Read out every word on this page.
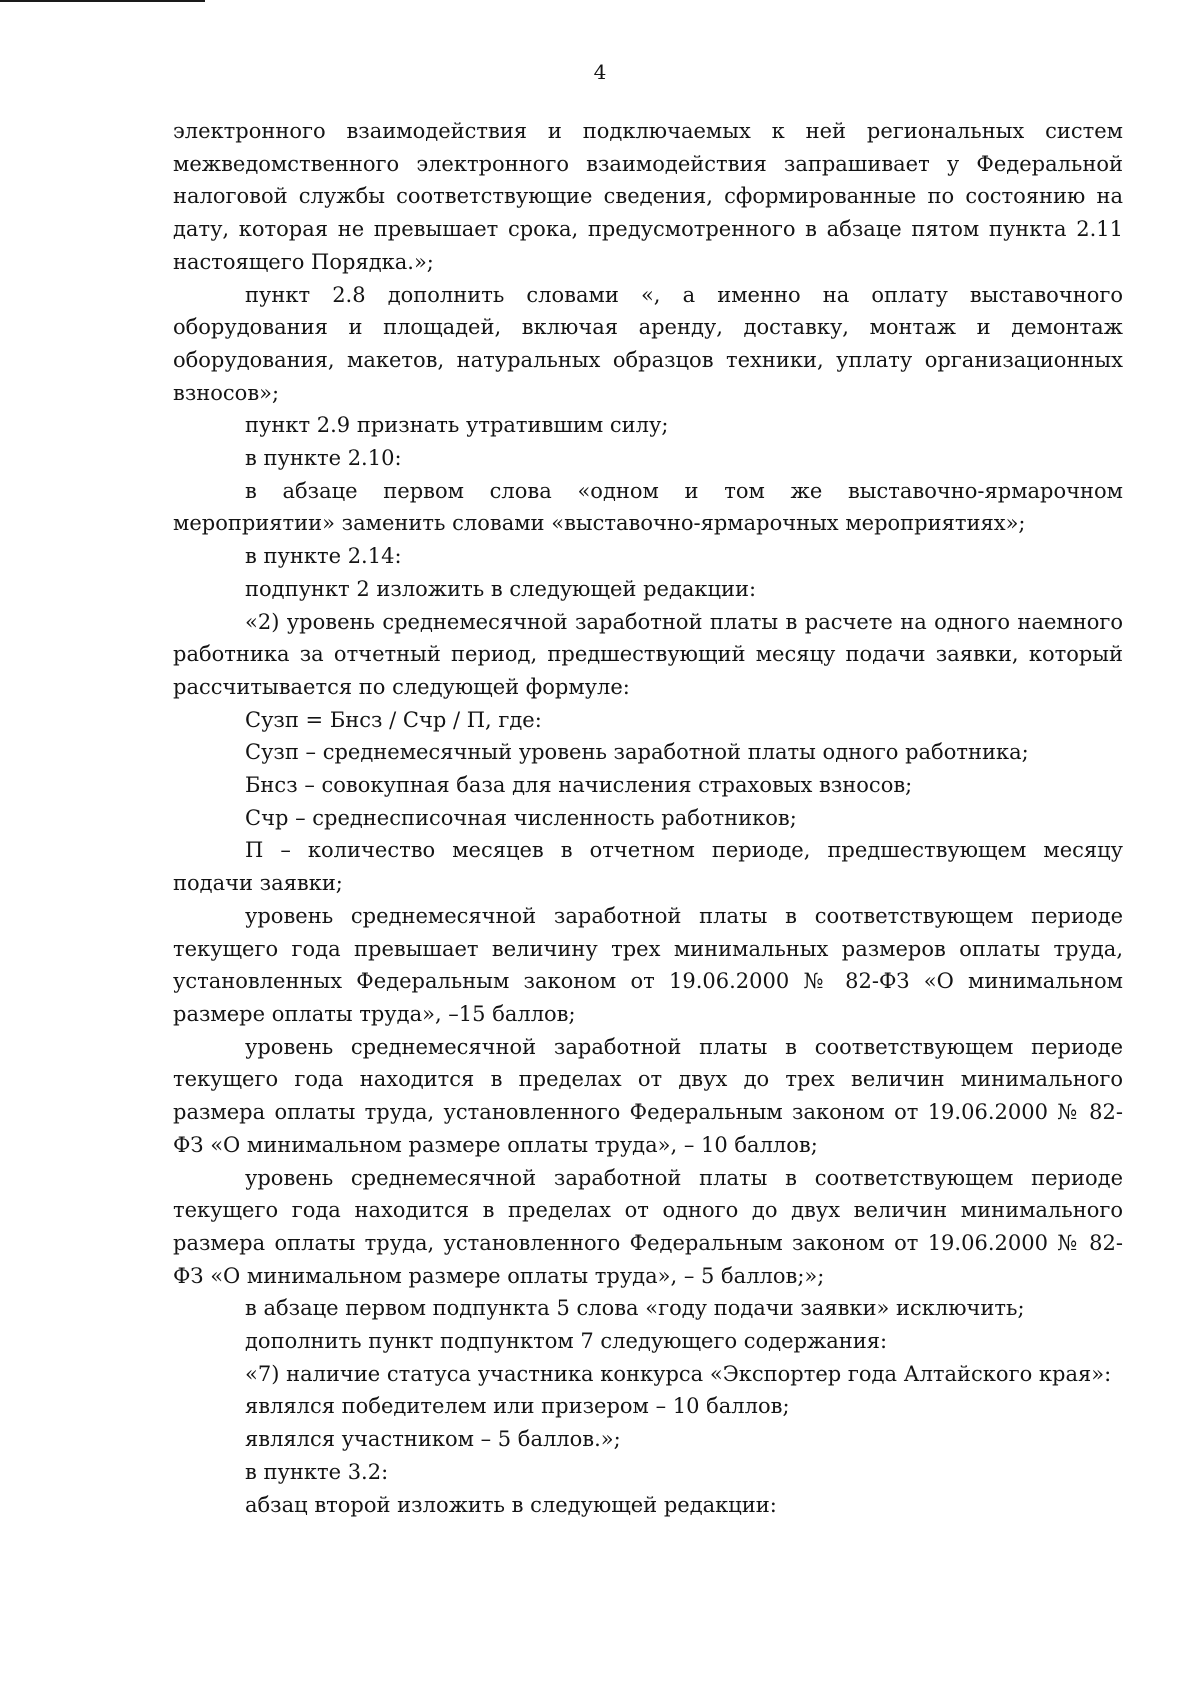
4

электронного взаимодействия и подключаемых к ней региональных систем межведомственного электронного взаимодействия запрашивает у Федеральной налоговой службы соответствующие сведения, сформированные по состоянию на дату, которая не превышает срока, предусмотренного в абзаце пятом пункта 2.11 настоящего Порядка.»;

пункт 2.8 дополнить словами «, а именно на оплату выставочного оборудования и площадей, включая аренду, доставку, монтаж и демонтаж оборудования, макетов, натуральных образцов техники, уплату организационных взносов»;

пункт 2.9 признать утратившим силу;

в пункте 2.10:

в абзаце первом слова «одном и том же выставочно-ярмарочном мероприятии» заменить словами «выставочно-ярмарочных мероприятиях»;

в пункте 2.14:

подпункт 2 изложить в следующей редакции:

«2) уровень среднемесячной заработной платы в расчете на одного наемного работника за отчетный период, предшествующий месяцу подачи заявки, который рассчитывается по следующей формуле:

Сузп = Бнсз / Счр / П, где:

Сузп – среднемесячный уровень заработной платы одного работника;

Бнсз – совокупная база для начисления страховых взносов;

Счр – среднесписочная численность работников;

П – количество месяцев в отчетном периоде, предшествующем месяцу подачи заявки;

уровень среднемесячной заработной платы в соответствующем периоде текущего года превышает величину трех минимальных размеров оплаты труда, установленных Федеральным законом от 19.06.2000 № 82-ФЗ «О минимальном размере оплаты труда», –15 баллов;

уровень среднемесячной заработной платы в соответствующем периоде текущего года находится в пределах от двух до трех величин минимального размера оплаты труда, установленного Федеральным законом от 19.06.2000 № 82-ФЗ «О минимальном размере оплаты труда», – 10 баллов;

уровень среднемесячной заработной платы в соответствующем периоде текущего года находится в пределах от одного до двух величин минимального размера оплаты труда, установленного Федеральным законом от 19.06.2000 № 82-ФЗ «О минимальном размере оплаты труда», – 5 баллов;»;

в абзаце первом подпункта 5 слова «году подачи заявки» исключить;

дополнить пункт подпунктом 7 следующего содержания:

«7) наличие статуса участника конкурса «Экспортер года Алтайского края»:

являлся победителем или призером – 10 баллов;

являлся участником – 5 баллов.»;

в пункте 3.2:

абзац второй изложить в следующей редакции:
